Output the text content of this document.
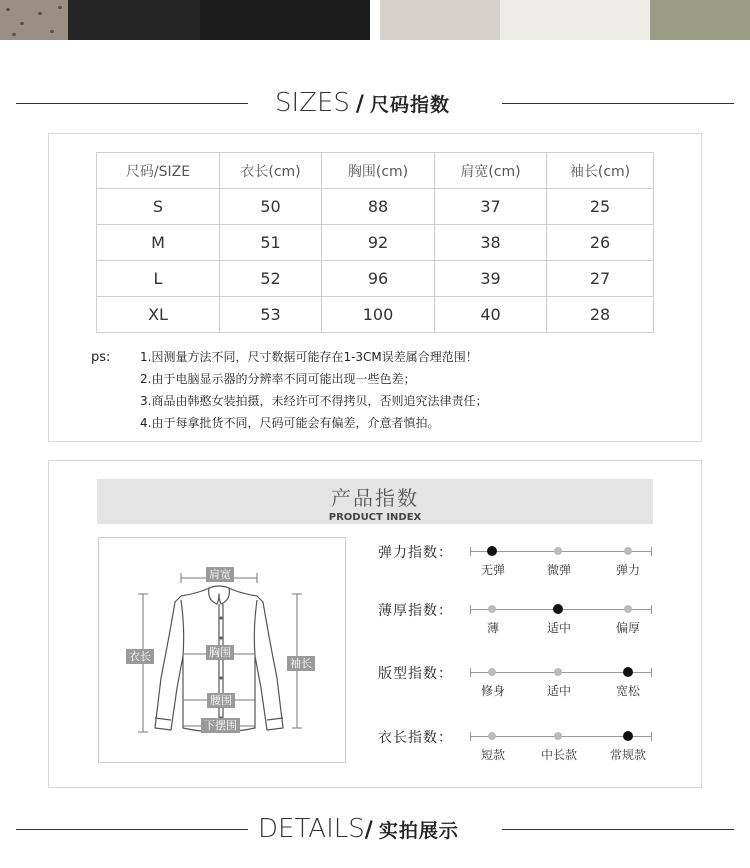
SIZES / 尺码指数
尺码/SIZE	衣长(cm)	胸围(cm)	肩宽(cm)	袖长(cm)
S	50	88	37	25
M	51	92	38	26
L	52	96	39	27
XL	53	100	40	28
ps: 1.因测量方法不同，尺寸数据可能存在1-3CM误差属合理范围！
2.由于电脑显示器的分辨率不同可能出现一些色差；
3.商品由韩憨女装拍摄，未经许可不得拷贝，否则追究法律责任；
4.由于每拿批货不同，尺码可能会有偏差，介意者慎拍。
产品指数
PRODUCT INDEX
肩宽
衣长	胸围
袖长
腰围
下摆围
弹力指数：
无弹	微弹	弹力
薄厚指数：
薄	适中	偏厚
版型指数：
修身	适中	宽松
衣长指数：
短款	中长款	常规款
DETAILS / 实拍展示
